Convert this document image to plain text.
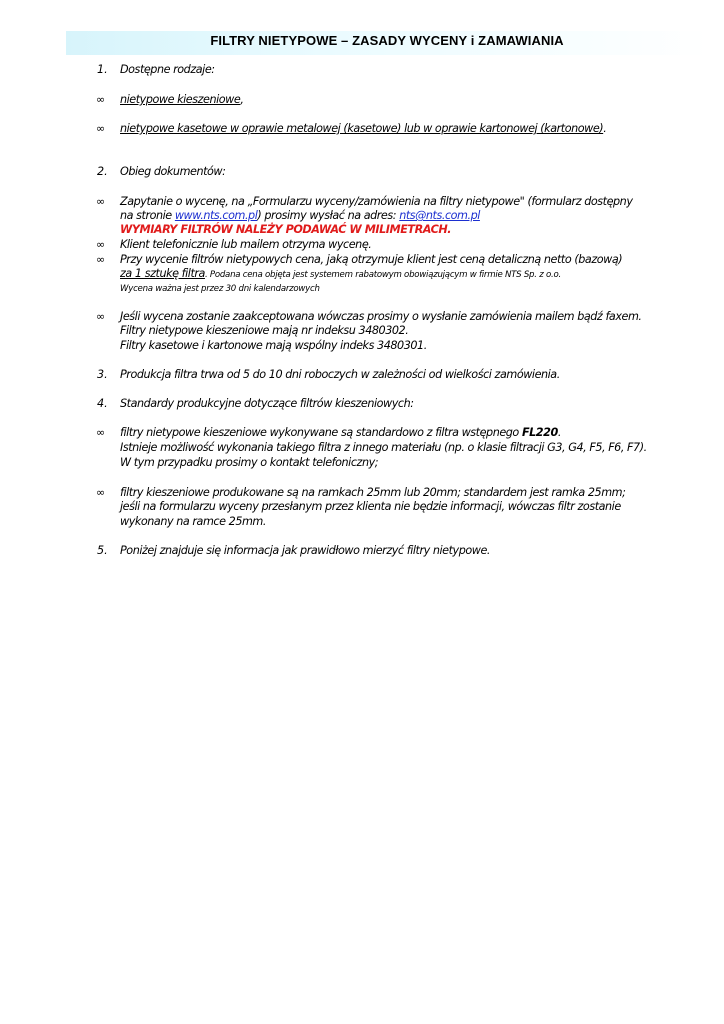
FILTRY NIETYPOWE – ZASADY WYCENY i ZAMAWIANIA
1. Dostępne rodzaje:
∞ nietypowe kieszeniowe,
∞ nietypowe kasetowe w oprawie metalowej (kasetowe) lub w oprawie kartonowej (kartonowe).
2. Obieg dokumentów:
∞ Zapytanie o wycenę, na „Formularzu wyceny/zamówienia na filtry nietypowe" (formularz dostępny
na stronie www.nts.com.pl) prosimy wysłać na adres: nts@nts.com.pl
WYMIARY FILTRÓW NALEŻY PODAWAĆ W MILIMETRACH.
∞ Klient telefonicznie lub mailem otrzyma wycenę.
∞ Przy wycenie filtrów nietypowych cena, jaką otrzymuje klient jest ceną detaliczną netto (bazową)
za 1 sztukę filtra. Podana cena objęta jest systemem rabatowym obowiązującym w firmie NTS Sp. z o.o.
Wycena ważna jest przez 30 dni kalendarzowych
∞ Jeśli wycena zostanie zaakceptowana wówczas prosimy o wysłanie zamówienia mailem bądź faxem.
Filtry nietypowe kieszeniowe mają nr indeksu 3480302.
Filtry kasetowe i kartonowe mają wspólny indeks 3480301.
3. Produkcja filtra trwa od 5 do 10 dni roboczych w zależności od wielkości zamówienia.
4. Standardy produkcyjne dotyczące filtrów kieszeniowych:
∞ filtry nietypowe kieszeniowe wykonywane są standardowo z filtra wstępnego FL220.
Istnieje możliwość wykonania takiego filtra z innego materiału (np. o klasie filtracji G3, G4, F5, F6, F7).
W tym przypadku prosimy o kontakt telefoniczny;
∞ filtry kieszeniowe produkowane są na ramkach 25mm lub 20mm; standardem jest ramka 25mm;
jeśli na formularzu wyceny przesłanym przez klienta nie będzie informacji, wówczas filtr zostanie
wykonany na ramce 25mm.
5. Poniżej znajduje się informacja jak prawidłowo mierzyć filtry nietypowe.
